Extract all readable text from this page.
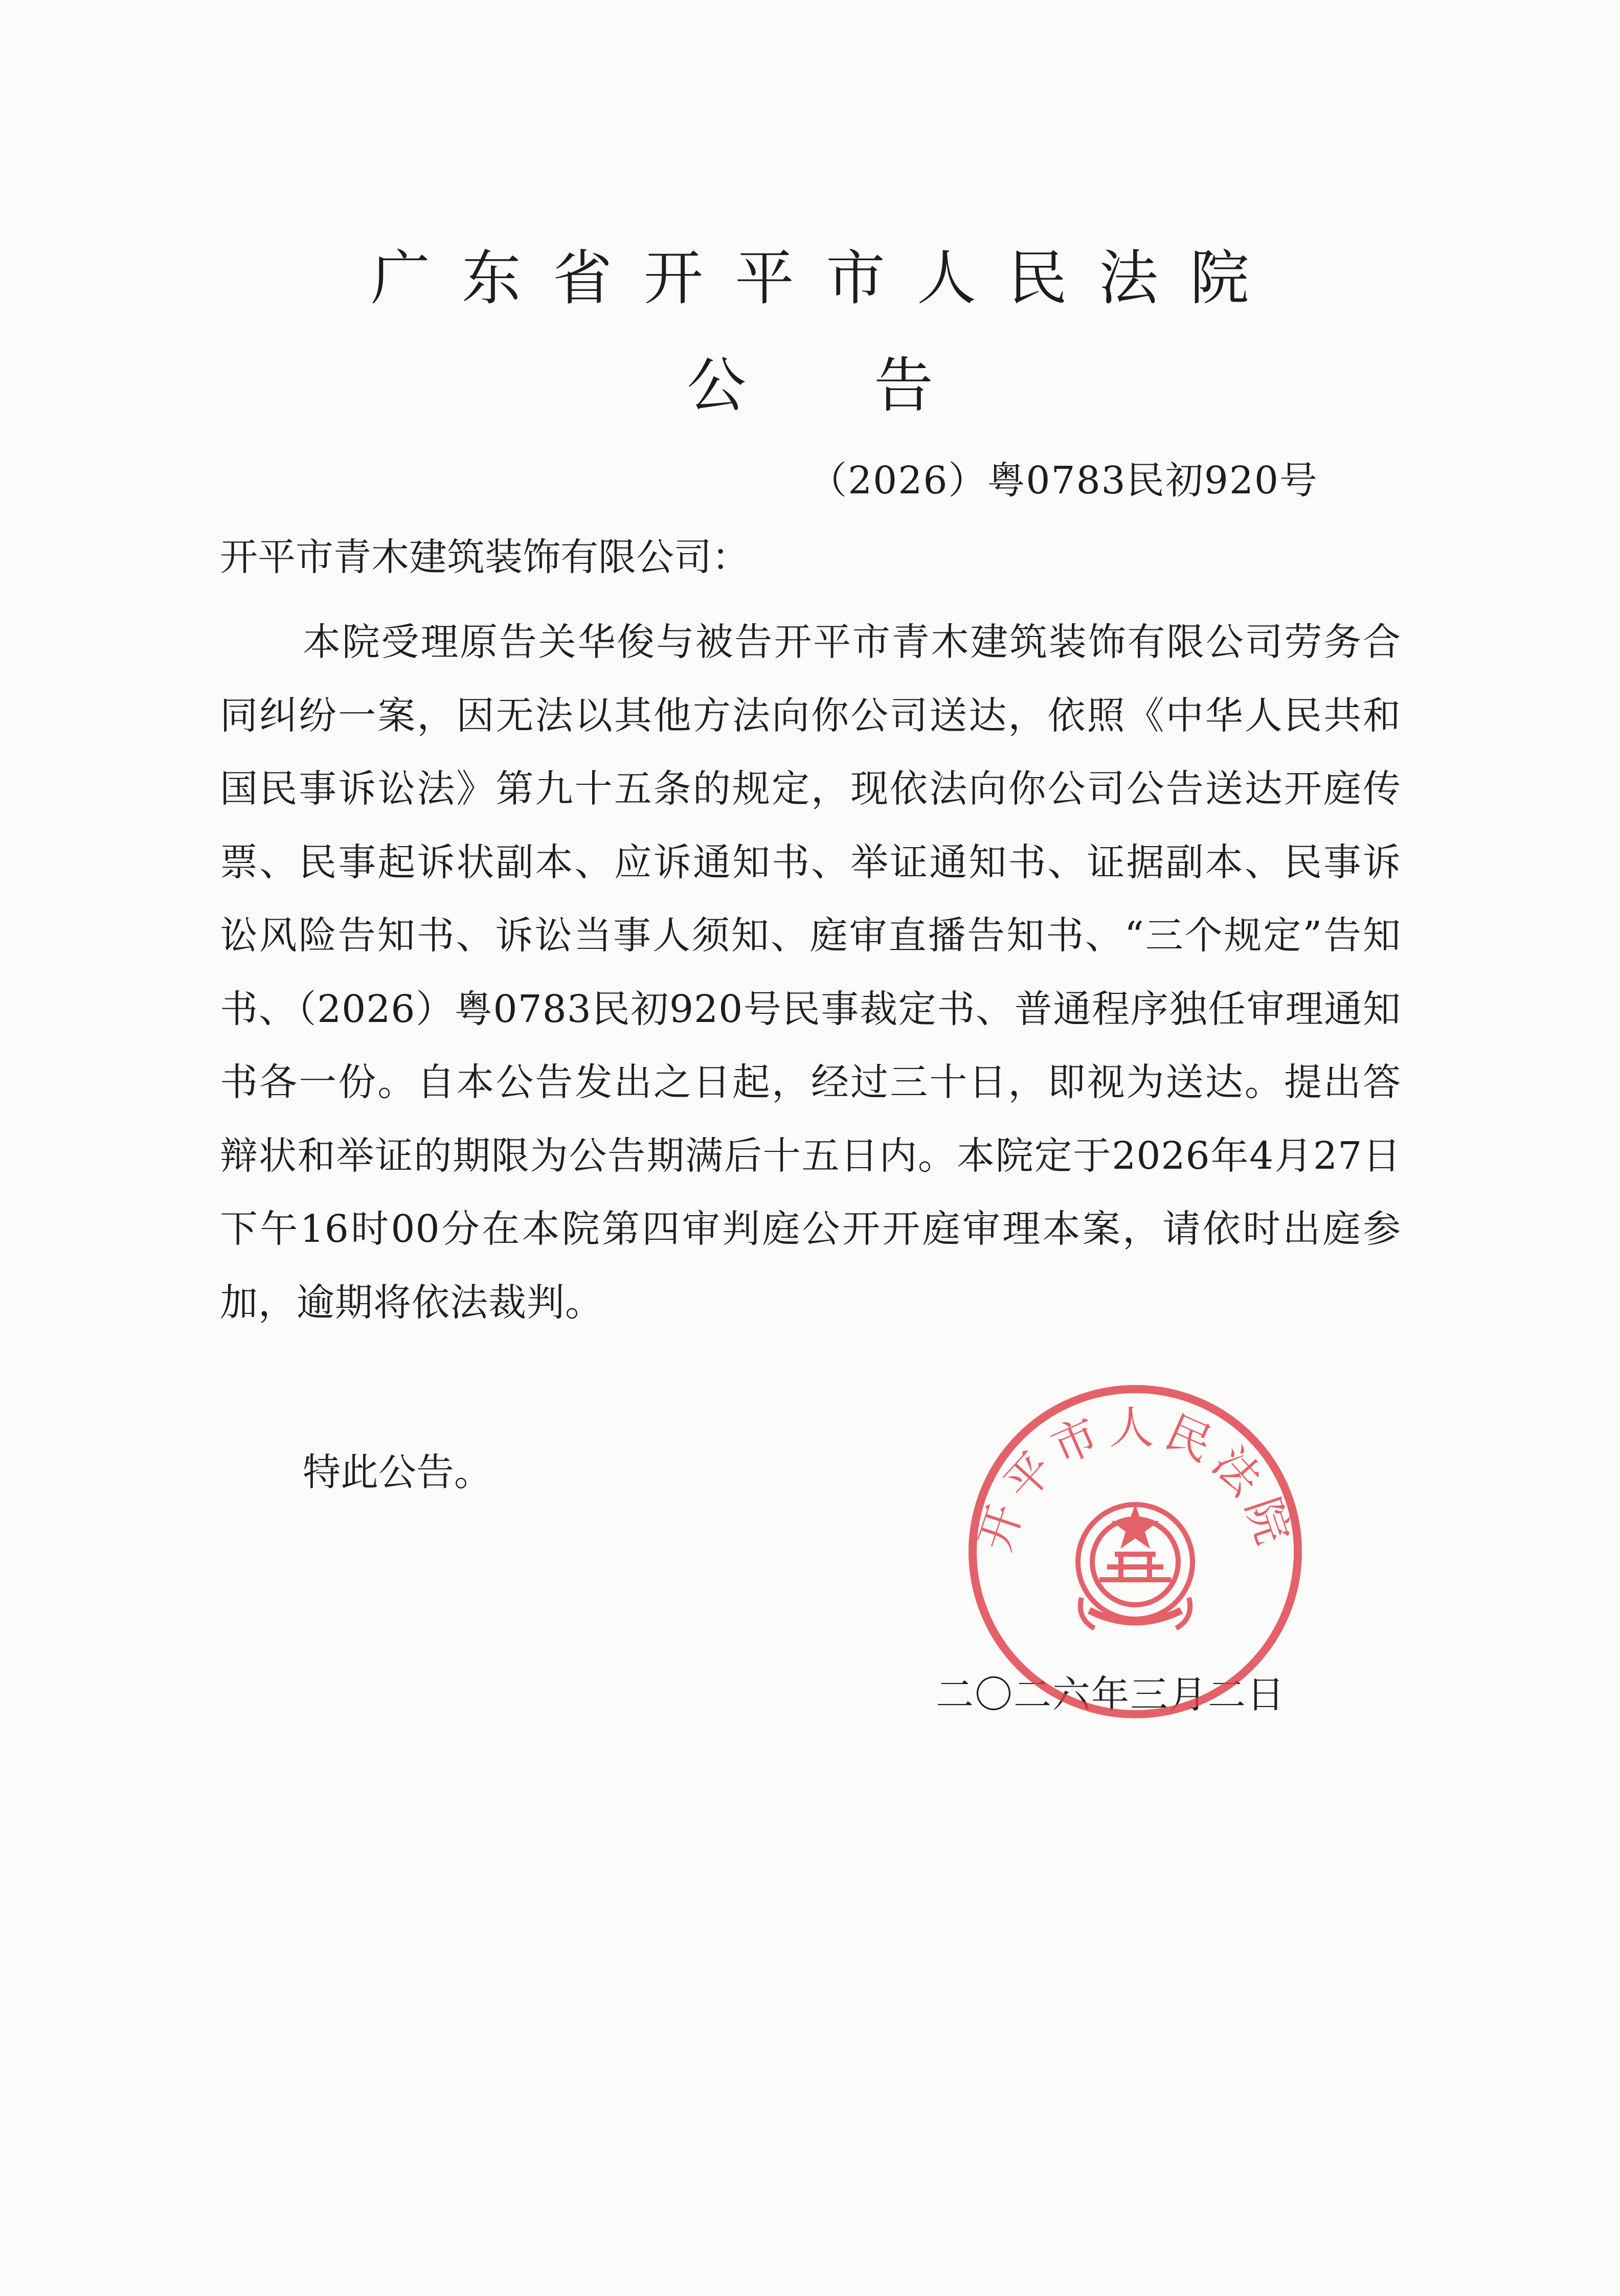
广东省开平市人民法院
公告
（2026）粤0783民初920号
开平市青木建筑装饰有限公司：

本院受理原告关华俊与被告开平市青木建筑装饰有限公司劳务合同纠纷一案，因无法以其他方法向你公司送达，依照《中华人民共和国民事诉讼法》第九十五条的规定，现依法向你公司公告送达开庭传票、民事起诉状副本、应诉通知书、举证通知书、证据副本、民事诉讼风险告知书、诉讼当事人须知、庭审直播告知书、“三个规定”告知书、（2026）粤0783民初920号民事裁定书、普通程序独任审理通知书各一份。自本公告发出之日起，经过三十日，即视为送达。提出答辩状和举证的期限为公告期满后十五日内。本院定于2026年4月27日下午16时00分在本院第四审判庭公开开庭审理本案，请依时出庭参加，逾期将依法裁判。

特此公告。
二〇二六年三月二日
开平市人民法院
